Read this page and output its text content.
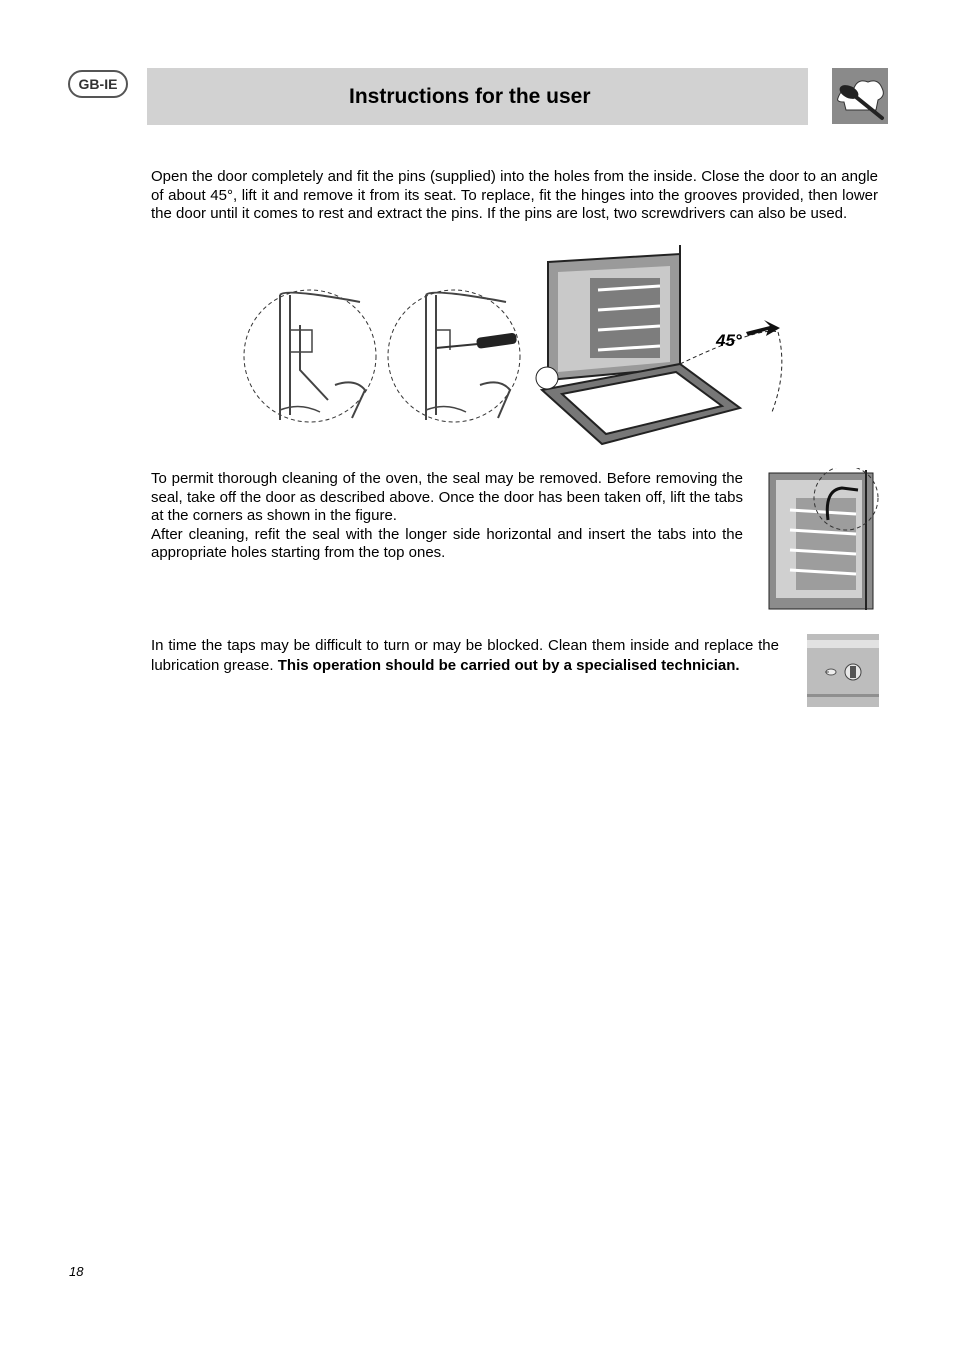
GB-IE
Instructions for the user

Open the door completely and fit the pins (supplied) into the holes from the inside. Close the door to an angle of about 45°, lift it and remove it from its seat. To replace, fit the hinges into the grooves provided, then lower the door until it comes to rest and extract the pins. If the pins are lost, two screwdrivers can also be used.

45°

To permit thorough cleaning of the oven, the seal may be removed. Before removing the seal, take off the door as described above. Once the door has been taken off, lift the tabs at the corners as shown in the figure.
After cleaning, refit the seal with the longer side horizontal and insert the tabs into the appropriate holes starting from the top ones.

In time the taps may be difficult to turn or may be blocked. Clean them inside and replace the lubrication grease. This operation should be carried out by a specialised technician.

18
